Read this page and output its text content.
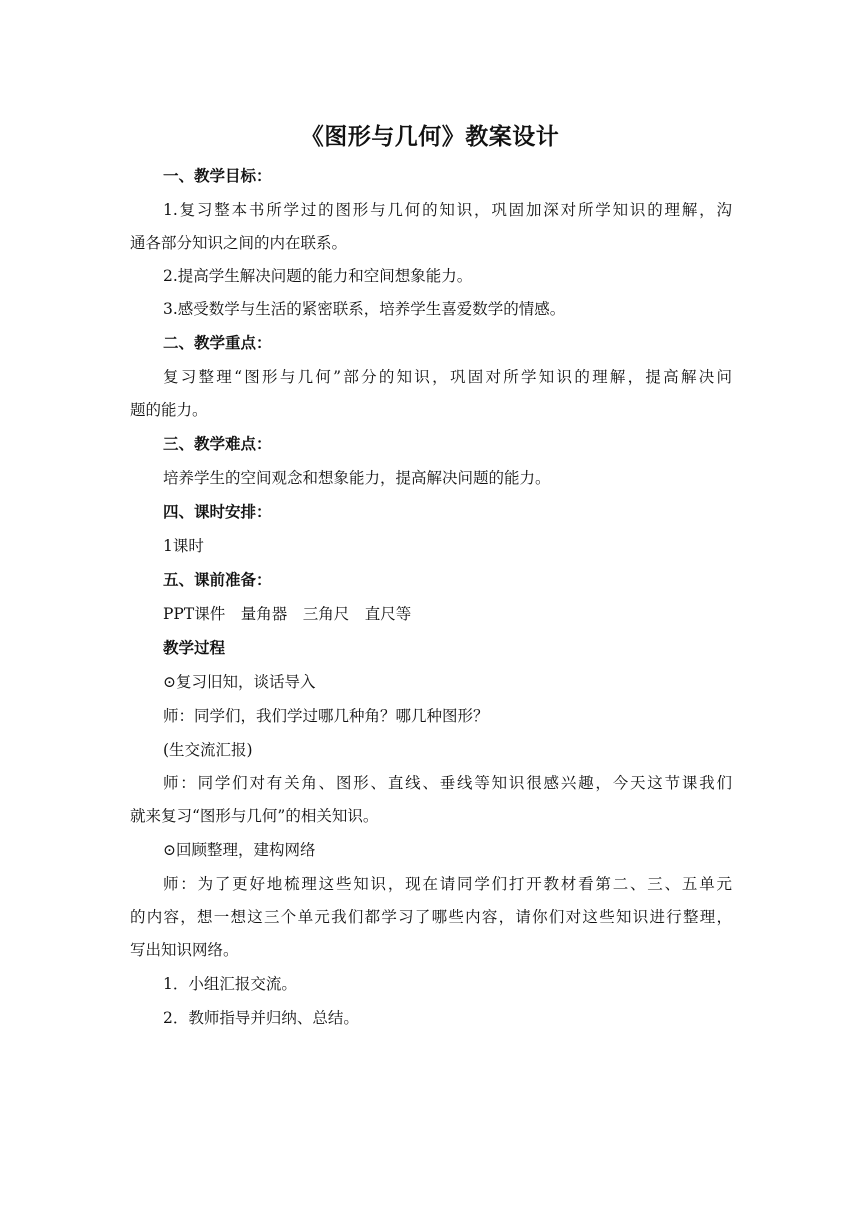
《图形与几何》教案设计
一、教学目标：
1.复习整本书所学过的图形与几何的知识，巩固加深对所学知识的理解，沟
通各部分知识之间的内在联系。
2.提高学生解决问题的能力和空间想象能力。
3.感受数学与生活的紧密联系，培养学生喜爱数学的情感。
二、教学重点：
复习整理“图形与几何”部分的知识，巩固对所学知识的理解，提高解决问
题的能力。
三、教学难点：
培养学生的空间观念和想象能力，提高解决问题的能力。
四、课时安排：
1课时
五、课前准备：
PPT课件　量角器　三角尺　直尺等
教学过程
⊙复习旧知，谈话导入
师：同学们，我们学过哪几种角？哪几种图形？
(生交流汇报)
师：同学们对有关角、图形、直线、垂线等知识很感兴趣，今天这节课我们
就来复习“图形与几何”的相关知识。
⊙回顾整理，建构网络
师：为了更好地梳理这些知识，现在请同学们打开教材看第二、三、五单元
的内容，想一想这三个单元我们都学习了哪些内容，请你们对这些知识进行整理，
写出知识网络。
1．小组汇报交流。
2．教师指导并归纳、总结。
